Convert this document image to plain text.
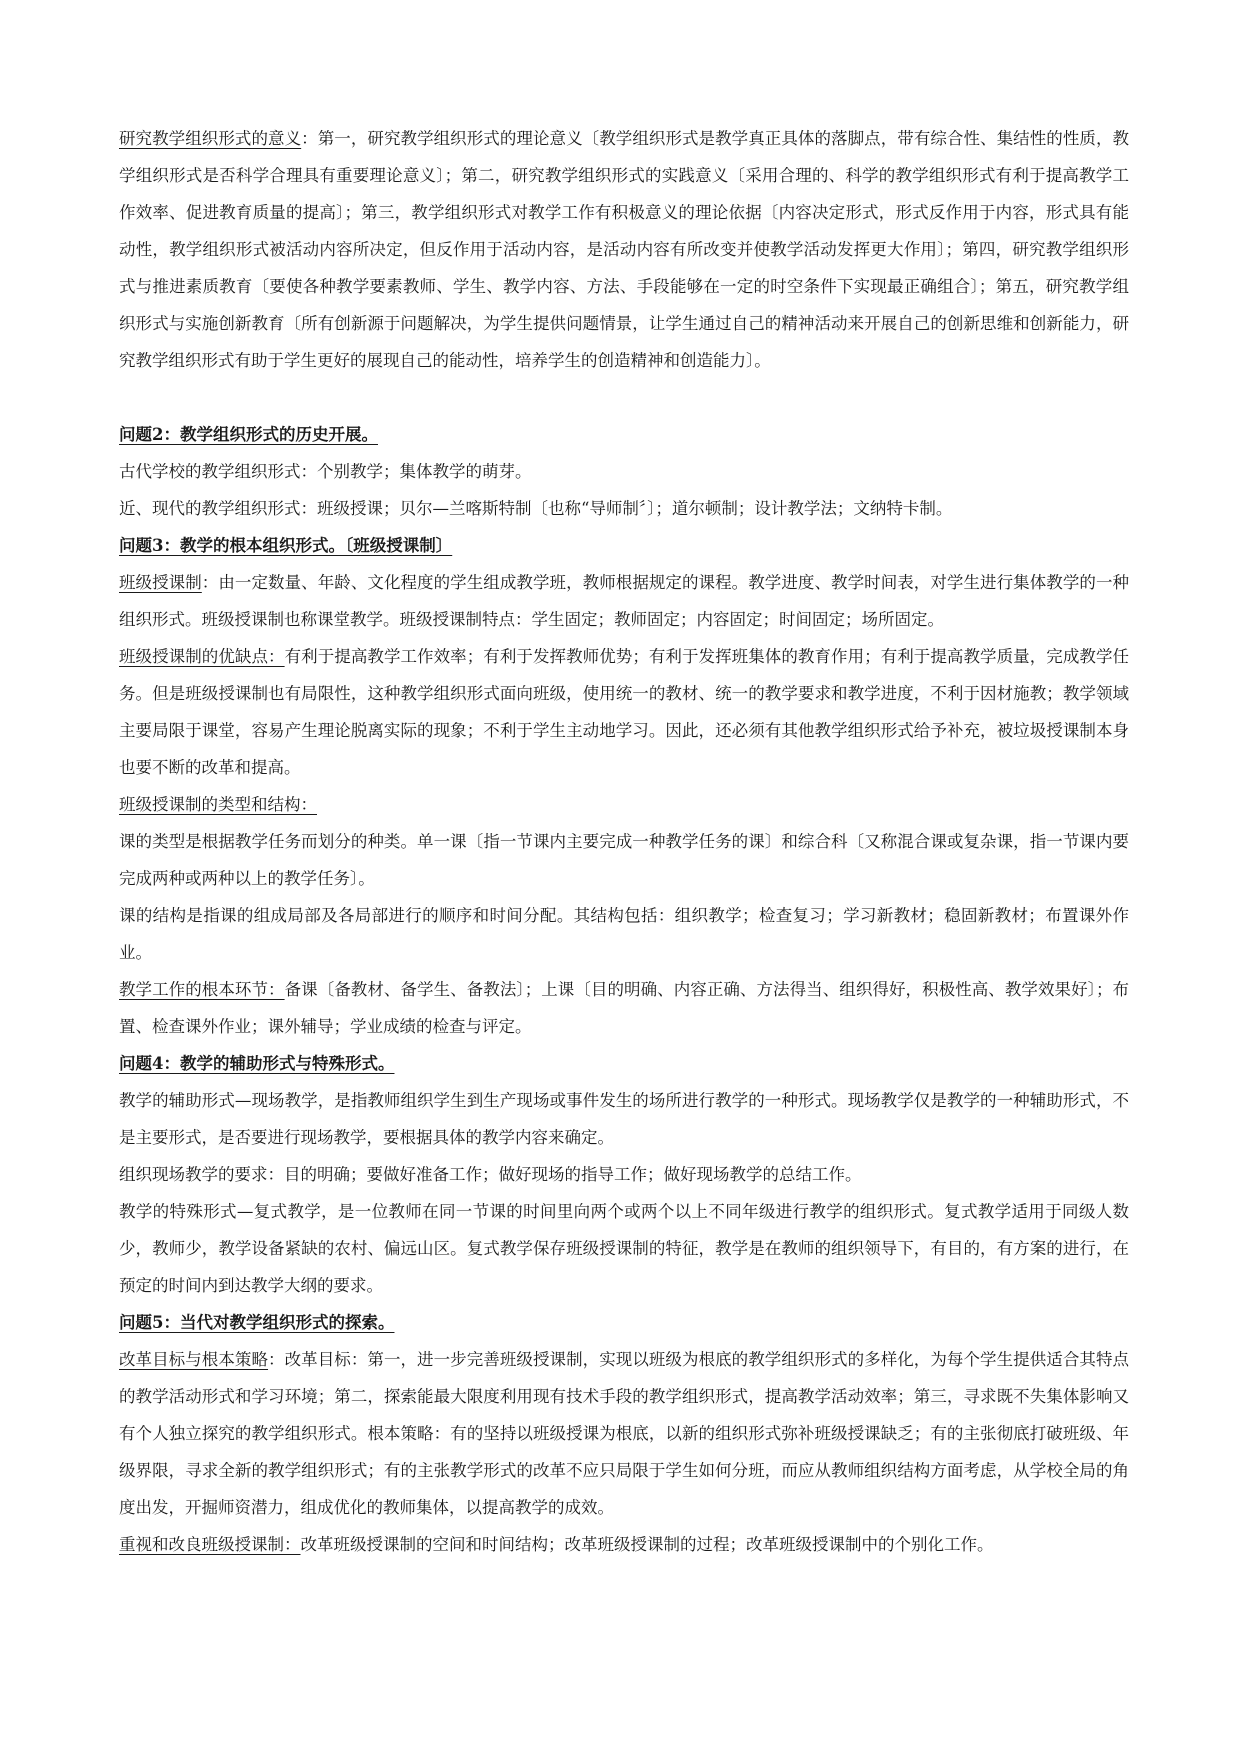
研究教学组织形式的意义：第一，研究教学组织形式的理论意义〔教学组织形式是教学真正具体的落脚点，带有综合性、集结性的性质，教学组织形式是否科学合理具有重要理论意义〕；第二，研究教学组织形式的实践意义〔采用合理的、科学的教学组织形式有利于提高教学工作效率、促进教育质量的提高〕；第三，教学组织形式对教学工作有积极意义的理论依据〔内容决定形式，形式反作用于内容，形式具有能动性，教学组织形式被活动内容所决定，但反作用于活动内容，是活动内容有所改变并使教学活动发挥更大作用〕；第四，研究教学组织形式与推进素质教育〔要使各种教学要素教师、学生、教学内容、方法、手段能够在一定的时空条件下实现最正确组合〕；第五，研究教学组织形式与实施创新教育〔所有创新源于问题解决，为学生提供问题情景，让学生通过自己的精神活动来开展自己的创新思维和创新能力，研究教学组织形式有助于学生更好的展现自己的能动性，培养学生的创造精神和创造能力〕。

问题2：教学组织形式的历史开展。

古代学校的教学组织形式：个别教学；集体教学的萌芽。

近、现代的教学组织形式：班级授课；贝尔—兰喀斯特制〔也称“导师制〞〕；道尔顿制；设计教学法；文纳特卡制。

问题3：教学的根本组织形式。〔班级授课制〕

班级授课制：由一定数量、年龄、文化程度的学生组成教学班，教师根据规定的课程。教学进度、教学时间表，对学生进行集体教学的一种组织形式。班级授课制也称课堂教学。班级授课制特点：学生固定；教师固定；内容固定；时间固定；场所固定。

班级授课制的优缺点：有利于提高教学工作效率；有利于发挥教师优势；有利于发挥班集体的教育作用；有利于提高教学质量，完成教学任务。但是班级授课制也有局限性，这种教学组织形式面向班级，使用统一的教材、统一的教学要求和教学进度，不利于因材施教；教学领域主要局限于课堂，容易产生理论脱离实际的现象；不利于学生主动地学习。因此，还必须有其他教学组织形式给予补充，被垃圾授课制本身也要不断的改革和提高。

班级授课制的类型和结构：

课的类型是根据教学任务而划分的种类。单一课〔指一节课内主要完成一种教学任务的课〕和综合科〔又称混合课或复杂课，指一节课内要完成两种或两种以上的教学任务〕。

课的结构是指课的组成局部及各局部进行的顺序和时间分配。其结构包括：组织教学；检查复习；学习新教材；稳固新教材；布置课外作业。

教学工作的根本环节：备课〔备教材、备学生、备教法〕；上课〔目的明确、内容正确、方法得当、组织得好，积极性高、教学效果好〕；布置、检查课外作业；课外辅导；学业成绩的检查与评定。

问题4：教学的辅助形式与特殊形式。

教学的辅助形式—现场教学，是指教师组织学生到生产现场或事件发生的场所进行教学的一种形式。现场教学仅是教学的一种辅助形式，不是主要形式，是否要进行现场教学，要根据具体的教学内容来确定。

组织现场教学的要求：目的明确；要做好准备工作；做好现场的指导工作；做好现场教学的总结工作。

教学的特殊形式—复式教学，是一位教师在同一节课的时间里向两个或两个以上不同年级进行教学的组织形式。复式教学适用于同级人数少，教师少，教学设备紧缺的农村、偏远山区。复式教学保存班级授课制的特征，教学是在教师的组织领导下，有目的，有方案的进行，在预定的时间内到达教学大纲的要求。

问题5：当代对教学组织形式的探索。

改革目标与根本策略：改革目标：第一，进一步完善班级授课制，实现以班级为根底的教学组织形式的多样化，为每个学生提供适合其特点的教学活动形式和学习环境；第二，探索能最大限度利用现有技术手段的教学组织形式，提高教学活动效率；第三，寻求既不失集体影响又有个人独立探究的教学组织形式。根本策略：有的坚持以班级授课为根底，以新的组织形式弥补班级授课缺乏；有的主张彻底打破班级、年级界限，寻求全新的教学组织形式；有的主张教学形式的改革不应只局限于学生如何分班，而应从教师组织结构方面考虑，从学校全局的角度出发，开掘师资潜力，组成优化的教师集体，以提高教学的成效。

重视和改良班级授课制：改革班级授课制的空间和时间结构；改革班级授课制的过程；改革班级授课制中的个别化工作。
